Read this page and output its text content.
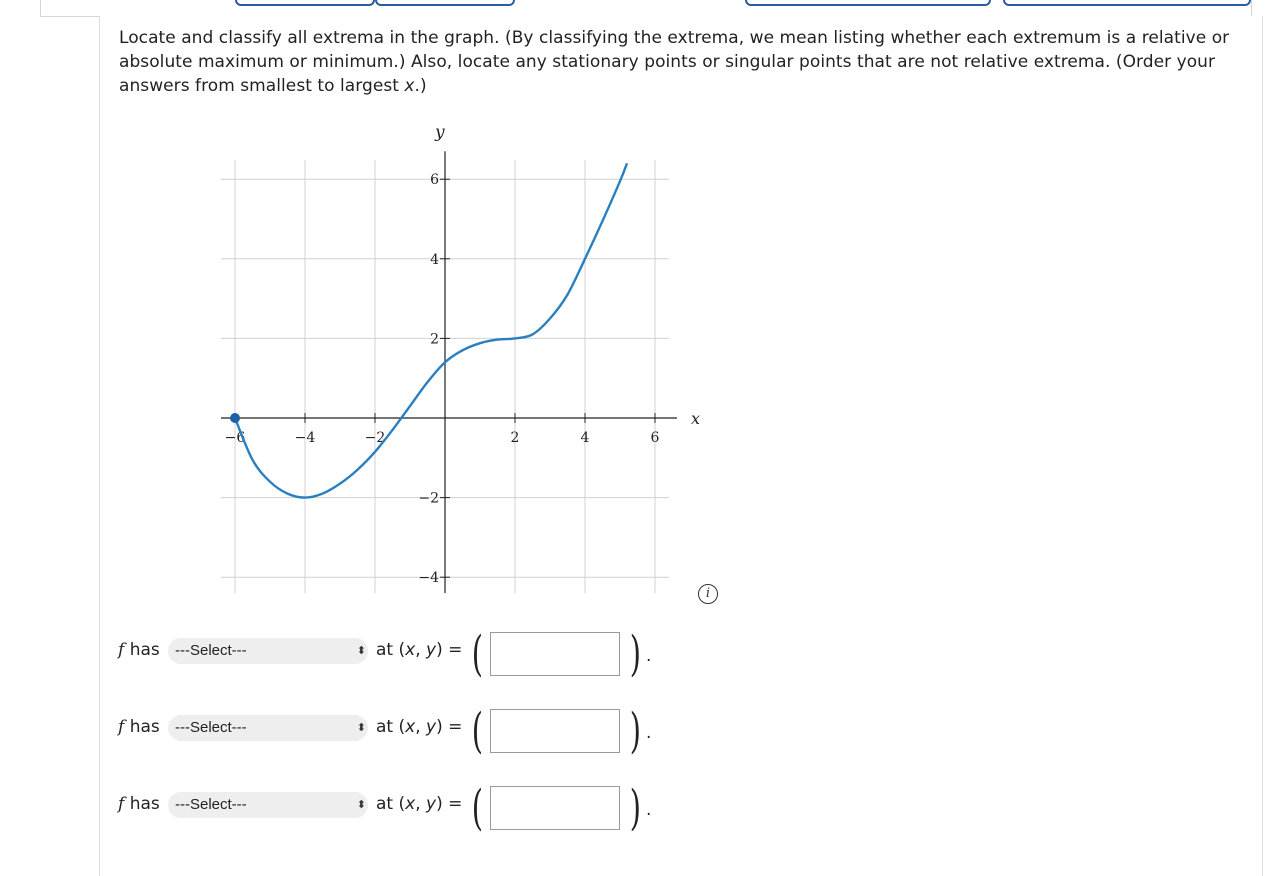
Locate and classify all extrema in the graph. (By classifying the extrema, we mean listing whether each extremum is a relative or absolute maximum or minimum.) Also, locate any stationary points or singular points that are not relative extrema. (Order your answers from smallest to largest x.)
−6	−4	−2	2	4	6
−4
−2
2
4
6
x
y
i
f has	---Select---	⬍ at (x, y) = (	) .
f has	---Select---	⬍ at (x, y) = (	) .
f has	---Select---	⬍ at (x, y) = (	) .
